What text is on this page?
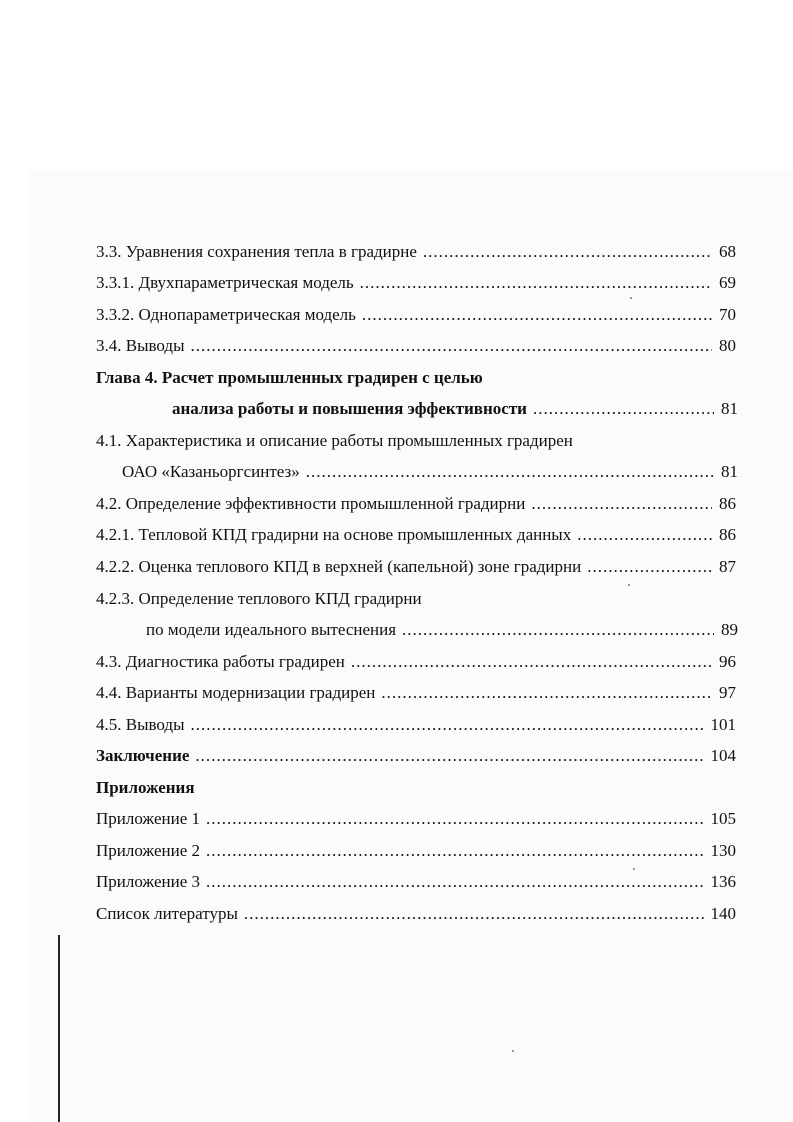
3.3. Уравнения сохранения тепла в градирне .....	68
3.3.1. Двухпараметрическая модель .....	69
3.3.2. Однопараметрическая модель .....	70
3.4. Выводы .....	80
Глава 4. Расчет промышленных градирен с целью
анализа работы и повышения эффективности .....	81
4.1. Характеристика и описание работы промышленных градирен
ОАО «Казаньоргсинтез» .....	81
4.2. Определение эффективности промышленной градирни .....	86
4.2.1. Тепловой КПД градирни на основе промышленных данных .....	86
4.2.2. Оценка теплового КПД в верхней (капельной) зоне градирни .....	87
4.2.3. Определение теплового КПД градирни
по модели идеального вытеснения .....	89
4.3. Диагностика работы градирен .....	96
4.4. Варианты модернизации градирен .....	97
4.5. Выводы .....	101
Заключение .....	104
Приложения
Приложение 1 .....	105
Приложение 2 .....	130
Приложение 3 .....	136
Список литературы .....	140
